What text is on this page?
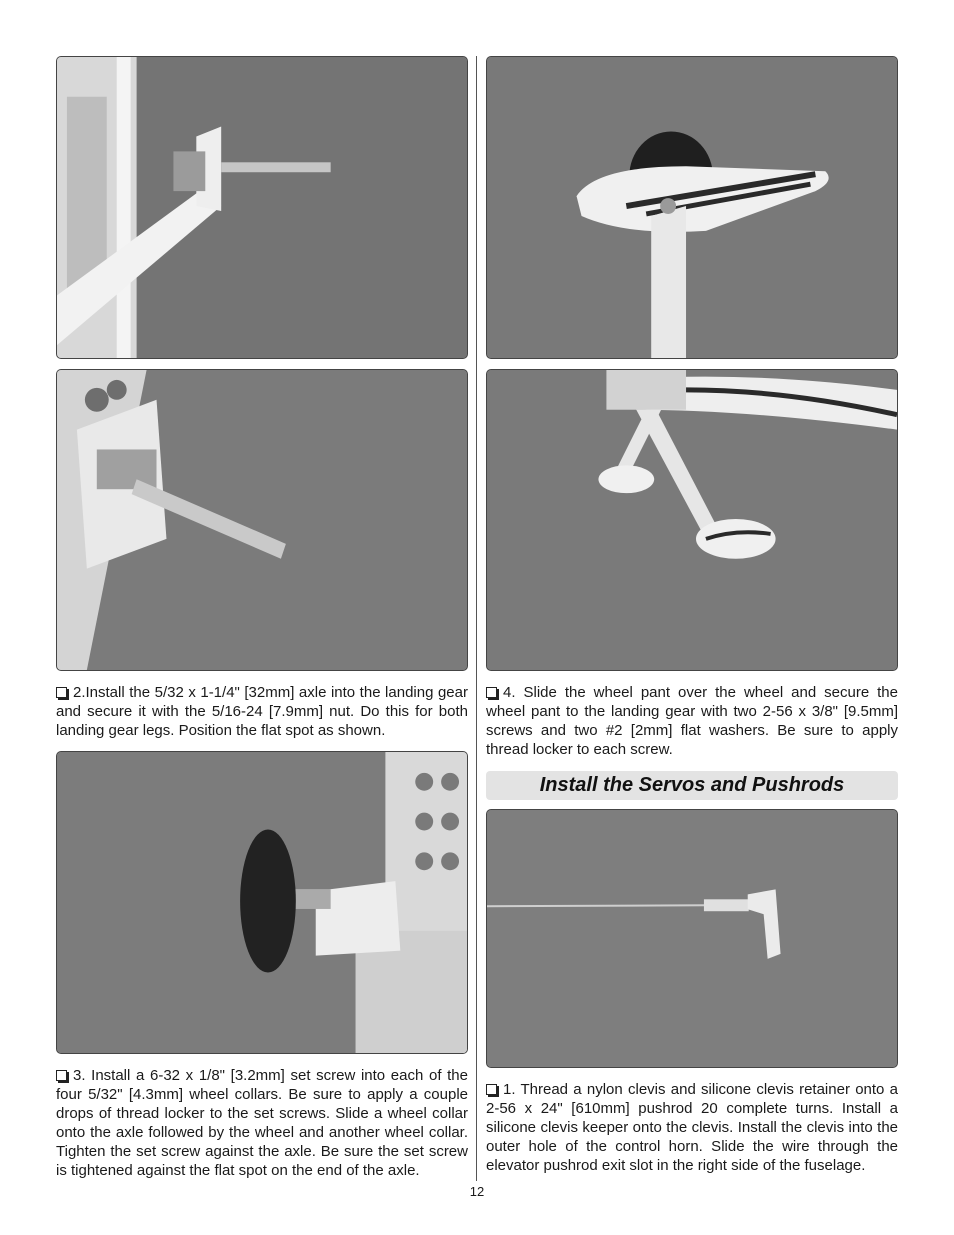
2.Install the 5/32 x 1-1/4" [32mm] axle into the landing gear and secure it with the 5/16-24 [7.9mm] nut. Do this for both landing gear legs. Position the flat spot as shown.
3. Install a 6-32 x 1/8" [3.2mm] set screw into each of the four 5/32" [4.3mm] wheel collars. Be sure to apply a couple drops of thread locker to the set screws. Slide a wheel collar onto the axle followed by the wheel and another wheel collar. Tighten the set screw against the axle. Be sure the set screw is tightened against the flat spot on the end of the axle.
4. Slide the wheel pant over the wheel and secure the wheel pant to the landing gear with two 2-56 x 3/8" [9.5mm] screws and two #2 [2mm] flat washers. Be sure to apply thread locker to each screw.
Install the Servos and Pushrods
1. Thread a nylon clevis and silicone clevis retainer onto a 2-56 x 24" [610mm] pushrod 20 complete turns. Install a silicone clevis keeper onto the clevis. Install the clevis into the outer hole of the control horn. Slide the wire through the elevator pushrod exit slot in the right side of the fuselage.
12
